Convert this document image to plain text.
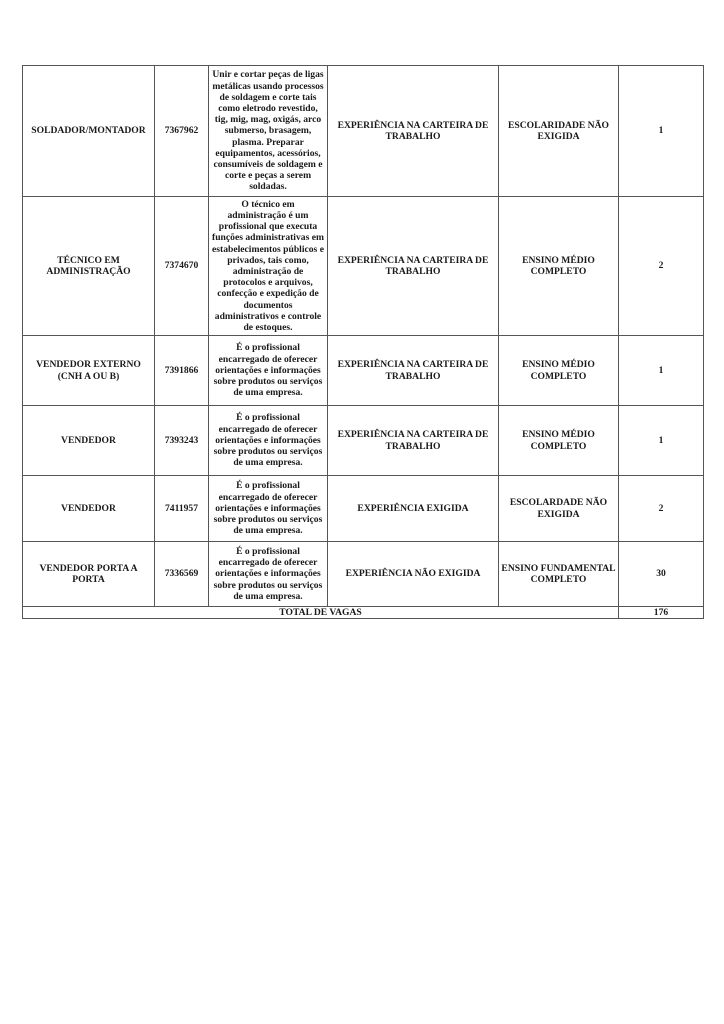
SOLDADOR/MONTADOR	7367962	Unir e cortar peças de ligas metálicas usando processos de soldagem e corte tais como eletrodo revestido, tig, mig, mag, oxigás, arco submerso, brasagem, plasma. Preparar equipamentos, acessórios, consumíveis de soldagem e corte e peças a serem soldadas.	EXPERIÊNCIA NA CARTEIRA DE TRABALHO	ESCOLARIDADE NÃO EXIGIDA	1
TÉCNICO EM ADMINISTRAÇÃO	7374670	O técnico em administração é um profissional que executa funções administrativas em estabelecimentos públicos e privados, tais como, administração de protocolos e arquivos, confecção e expedição de documentos administrativos e controle de estoques.	EXPERIÊNCIA NA CARTEIRA DE TRABALHO	ENSINO MÉDIO COMPLETO	2
VENDEDOR EXTERNO (CNH A OU B)	7391866	É o profissional encarregado de oferecer orientações e informações sobre produtos ou serviços de uma empresa.	EXPERIÊNCIA NA CARTEIRA DE TRABALHO	ENSINO MÉDIO COMPLETO	1
VENDEDOR	7393243	É o profissional encarregado de oferecer orientações e informações sobre produtos ou serviços de uma empresa.	EXPERIÊNCIA NA CARTEIRA DE TRABALHO	ENSINO MÉDIO COMPLETO	1
VENDEDOR	7411957	É o profissional encarregado de oferecer orientações e informações sobre produtos ou serviços de uma empresa.	EXPERIÊNCIA EXIGIDA	ESCOLARDADE NÃO EXIGIDA	2
VENDEDOR PORTA A PORTA	7336569	É o profissional encarregado de oferecer orientações e informações sobre produtos ou serviços de uma empresa.	EXPERIÊNCIA NÃO EXIGIDA	ENSINO FUNDAMENTAL COMPLETO	30
TOTAL DE VAGAS					176
